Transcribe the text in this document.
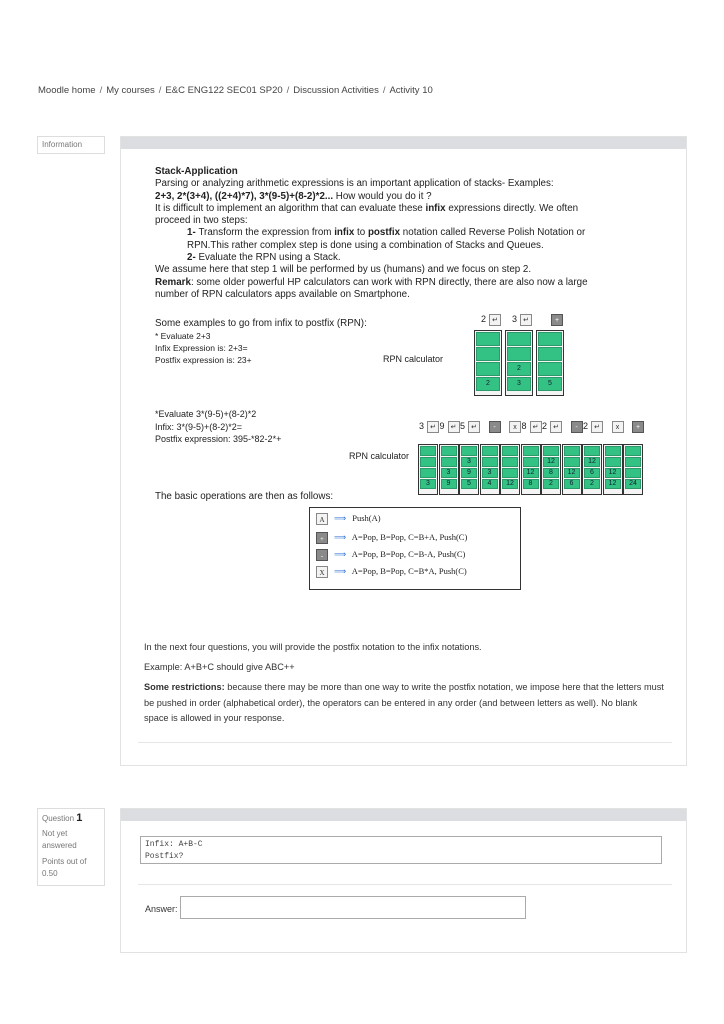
Moodle home / My courses / E&C ENG122 SEC01 SP20 / Discussion Activities / Activity 10
Information

Stack-Application

Parsing or analyzing arithmetic expressions is an important application of stacks- Examples:

2+3, 2*(3+4), ((2+4)*7), 3*(9-5)+(8-2)*2... How would you do it ?

It is difficult to implement an algorithm that can evaluate these infix expressions directly. We often proceed in two steps:

1- Transform the expression from infix to postfix notation called Reverse Polish Notation or RPN.This rather complex step is done using a combination of Stacks and Queues.

2- Evaluate the RPN using a Stack.

We assume here that step 1 will be performed by us (humans) and we focus on step 2.

Remark: some older powerful HP calculators can work with RPN directly, there are also now a large number of RPN calculators apps available on Smartphone.

Some examples to go from infix to postfix (RPN):
* Evaluate 2+3
Infix Expression is: 2+3=
Postfix expression is: 23+	RPN calculator
2 ↵	3 ↵	+
2
2
3	5
*Evaluate 3*(9-5)+(8-2)*2
Infix: 3*(9-5)+(8-2)*2=
Postfix expression: 395-*82-2*+
RPN calculator
3 ↵ 9 ↵ 5 ↵	-	x 8 ↵ 2 ↵	- 2 ↵	x	+
3
3
9
3
9
5
3
4	12
12
8
12
8
2
12
6
12
6
2
12
12	24
The basic operations are then as follows:
A ⟹ Push(A)
+ ⟹ A=Pop, B=Pop, C=B+A, Push(C)
- ⟹ A=Pop, B=Pop, C=B-A, Push(C)
X ⟹ A=Pop, B=Pop, C=B*A, Push(C)
In the next four questions, you will provide the postfix notation to the infix notations.
Example: A+B+C should give ABC++
Some restrictions: because there may be more than one way to write the postfix notation, we impose here that the letters must be pushed in order (alphabetical order), the operators can be entered in any order (and between letters as well). No blank space is allowed in your response.
Question 1
Not yet answered
Points out of 0.50
Infix: A+B-C
Postfix?
Answer:
